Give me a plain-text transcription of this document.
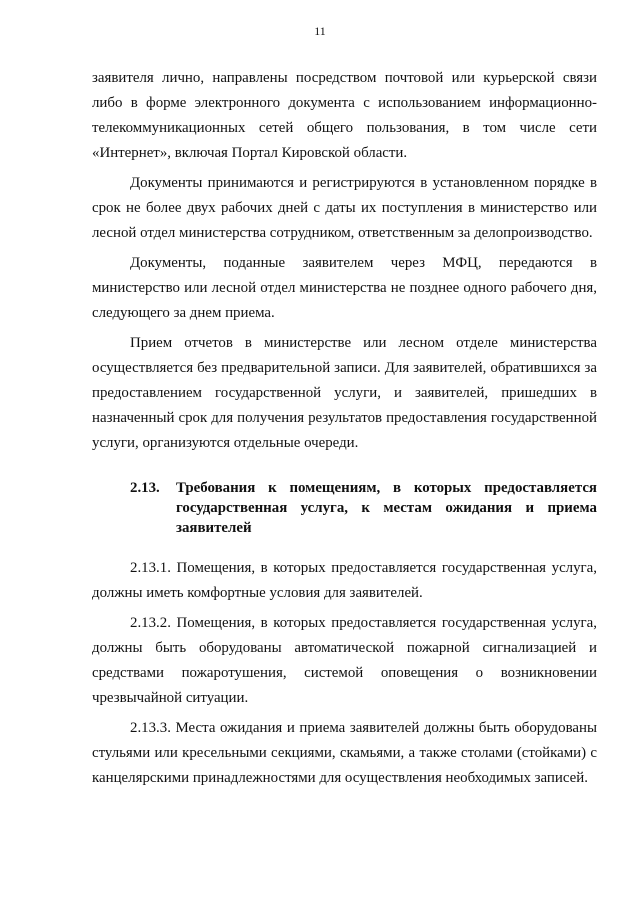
11

заявителя лично, направлены посредством почтовой или курьерской связи либо в форме электронного документа с использованием информационно-телекоммуникационных сетей общего пользования, в том числе сети «Интернет», включая Портал Кировской области.

Документы принимаются и регистрируются в установленном порядке в срок не более двух рабочих дней с даты их поступления в министерство или лесной отдел министерства сотрудником, ответственным за делопроизводство.

Документы, поданные заявителем через МФЦ, передаются в министерство или лесной отдел министерства не позднее одного рабочего дня, следующего за днем приема.

Прием отчетов в министерстве или лесном отделе министерства осуществляется без предварительной записи. Для заявителей, обратившихся за предоставлением государственной услуги, и заявителей, пришедших в назначенный срок для получения результатов предоставления государственной услуги, организуются отдельные очереди.

2.13.	Требования к помещениям, в которых предоставляется государственная услуга, к местам ожидания и приема заявителей

2.13.1. Помещения, в которых предоставляется государственная услуга, должны иметь комфортные условия для заявителей.

2.13.2. Помещения, в которых предоставляется государственная услуга, должны быть оборудованы автоматической пожарной сигнализацией и средствами пожаротушения, системой оповещения о возникновении чрезвычайной ситуации.

2.13.3. Места ожидания и приема заявителей должны быть оборудованы стульями или кресельными секциями, скамьями, а также столами (стойками) с канцелярскими принадлежностями для осуществления необходимых записей.
